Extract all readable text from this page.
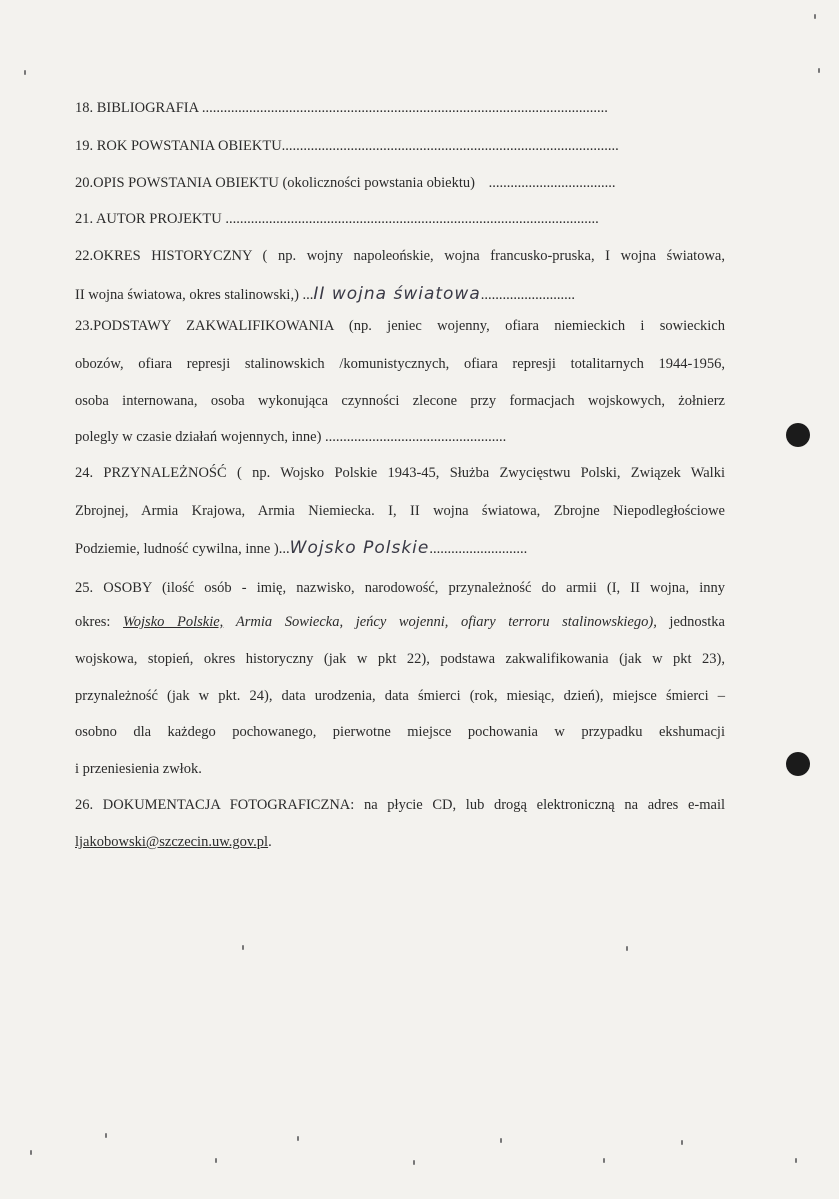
18. BIBLIOGRAFIA ................................................................................................................
19. ROK POWSTANIA OBIEKTU.............................................................................................
20.OPIS POWSTANIA OBIEKTU (okoliczności powstania obiektu) ...................................
21. AUTOR PROJEKTU .......................................................................................................
22.OKRES HISTORYCZNY ( np. wojny napoleońskie, wojna francusko-pruska, I wojna światowa,
II wojna światowa, okres stalinowski,) ...II wojna światowa..........................
23.PODSTAWY ZAKWALIFIKOWANIA (np. jeniec wojenny, ofiara niemieckich i sowieckich
obozów, ofiara represji stalinowskich /komunistycznych, ofiara represji totalitarnych 1944-1956,
osoba internowana, osoba wykonująca czynności zlecone przy formacjach wojskowych, żołnierz
polegly w czasie działań wojennych, inne) ..................................................
24. PRZYNALEŻNOŚĆ ( np. Wojsko Polskie 1943-45, Służba Zwycięstwu Polski, Związek Walki
Zbrojnej, Armia Krajowa, Armia Niemiecka. I, II wojna światowa, Zbrojne Niepodległościowe
Podziemie, ludność cywilna, inne )...Wojsko Polskie...........................
25. OSOBY (ilość osób - imię, nazwisko, narodowość, przynależność do armii (I, II wojna, inny
okres: Wojsko Polskie, Armia Sowiecka, jeńcy wojenni, ofiary terroru stalinowskiego), jednostka
wojskowa, stopień, okres historyczny (jak w pkt 22), podstawa zakwalifikowania (jak w pkt 23),
przynależność (jak w pkt. 24), data urodzenia, data śmierci (rok, miesiąc, dzień), miejsce śmierci –
osobno dla każdego pochowanego, pierwotne miejsce pochowania w przypadku ekshumacji
i przeniesienia zwłok.
26. DOKUMENTACJA FOTOGRAFICZNA: na płycie CD, lub drogą elektroniczną na adres e-mail
ljakobowski@szczecin.uw.gov.pl.
